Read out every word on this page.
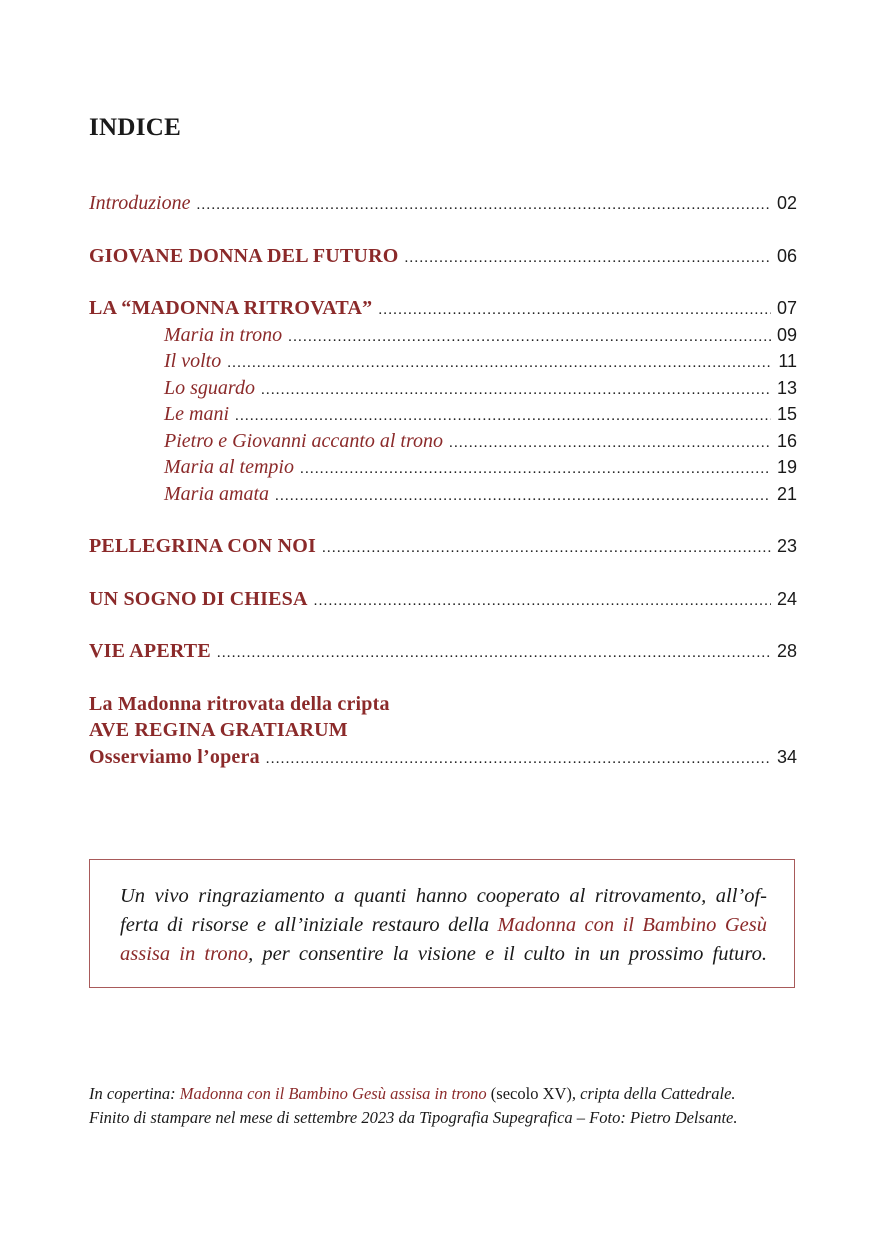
INDICE
Introduzione .....	02
GIOVANE DONNA DEL FUTURO .....	06
LA “MADONNA RITROVATA” .....	07
Maria in trono .....	09
Il volto .....	11
Lo sguardo .....	13
Le mani .....	15
Pietro e Giovanni accanto al trono .....	16
Maria al tempio .....	19
Maria amata .....	21
PELLEGRINA CON NOI .....	23
UN SOGNO DI CHIESA .....	24
VIE APERTE .....	28
La Madonna ritrovata della cripta
AVE REGINA GRATIARUM
Osserviamo l’opera .....	34
Un vivo ringraziamento a quanti hanno cooperato al ritrovamento, all’of-
ferta di risorse e all’iniziale restauro della Madonna con il Bambino Gesù
assisa in trono, per consentire la visione e il culto in un prossimo futuro.
In copertina: Madonna con il Bambino Gesù assisa in trono (secolo XV), cripta della Cattedrale.
Finito di stampare nel mese di settembre 2023 da Tipografia Supegrafica – Foto: Pietro Delsante.
